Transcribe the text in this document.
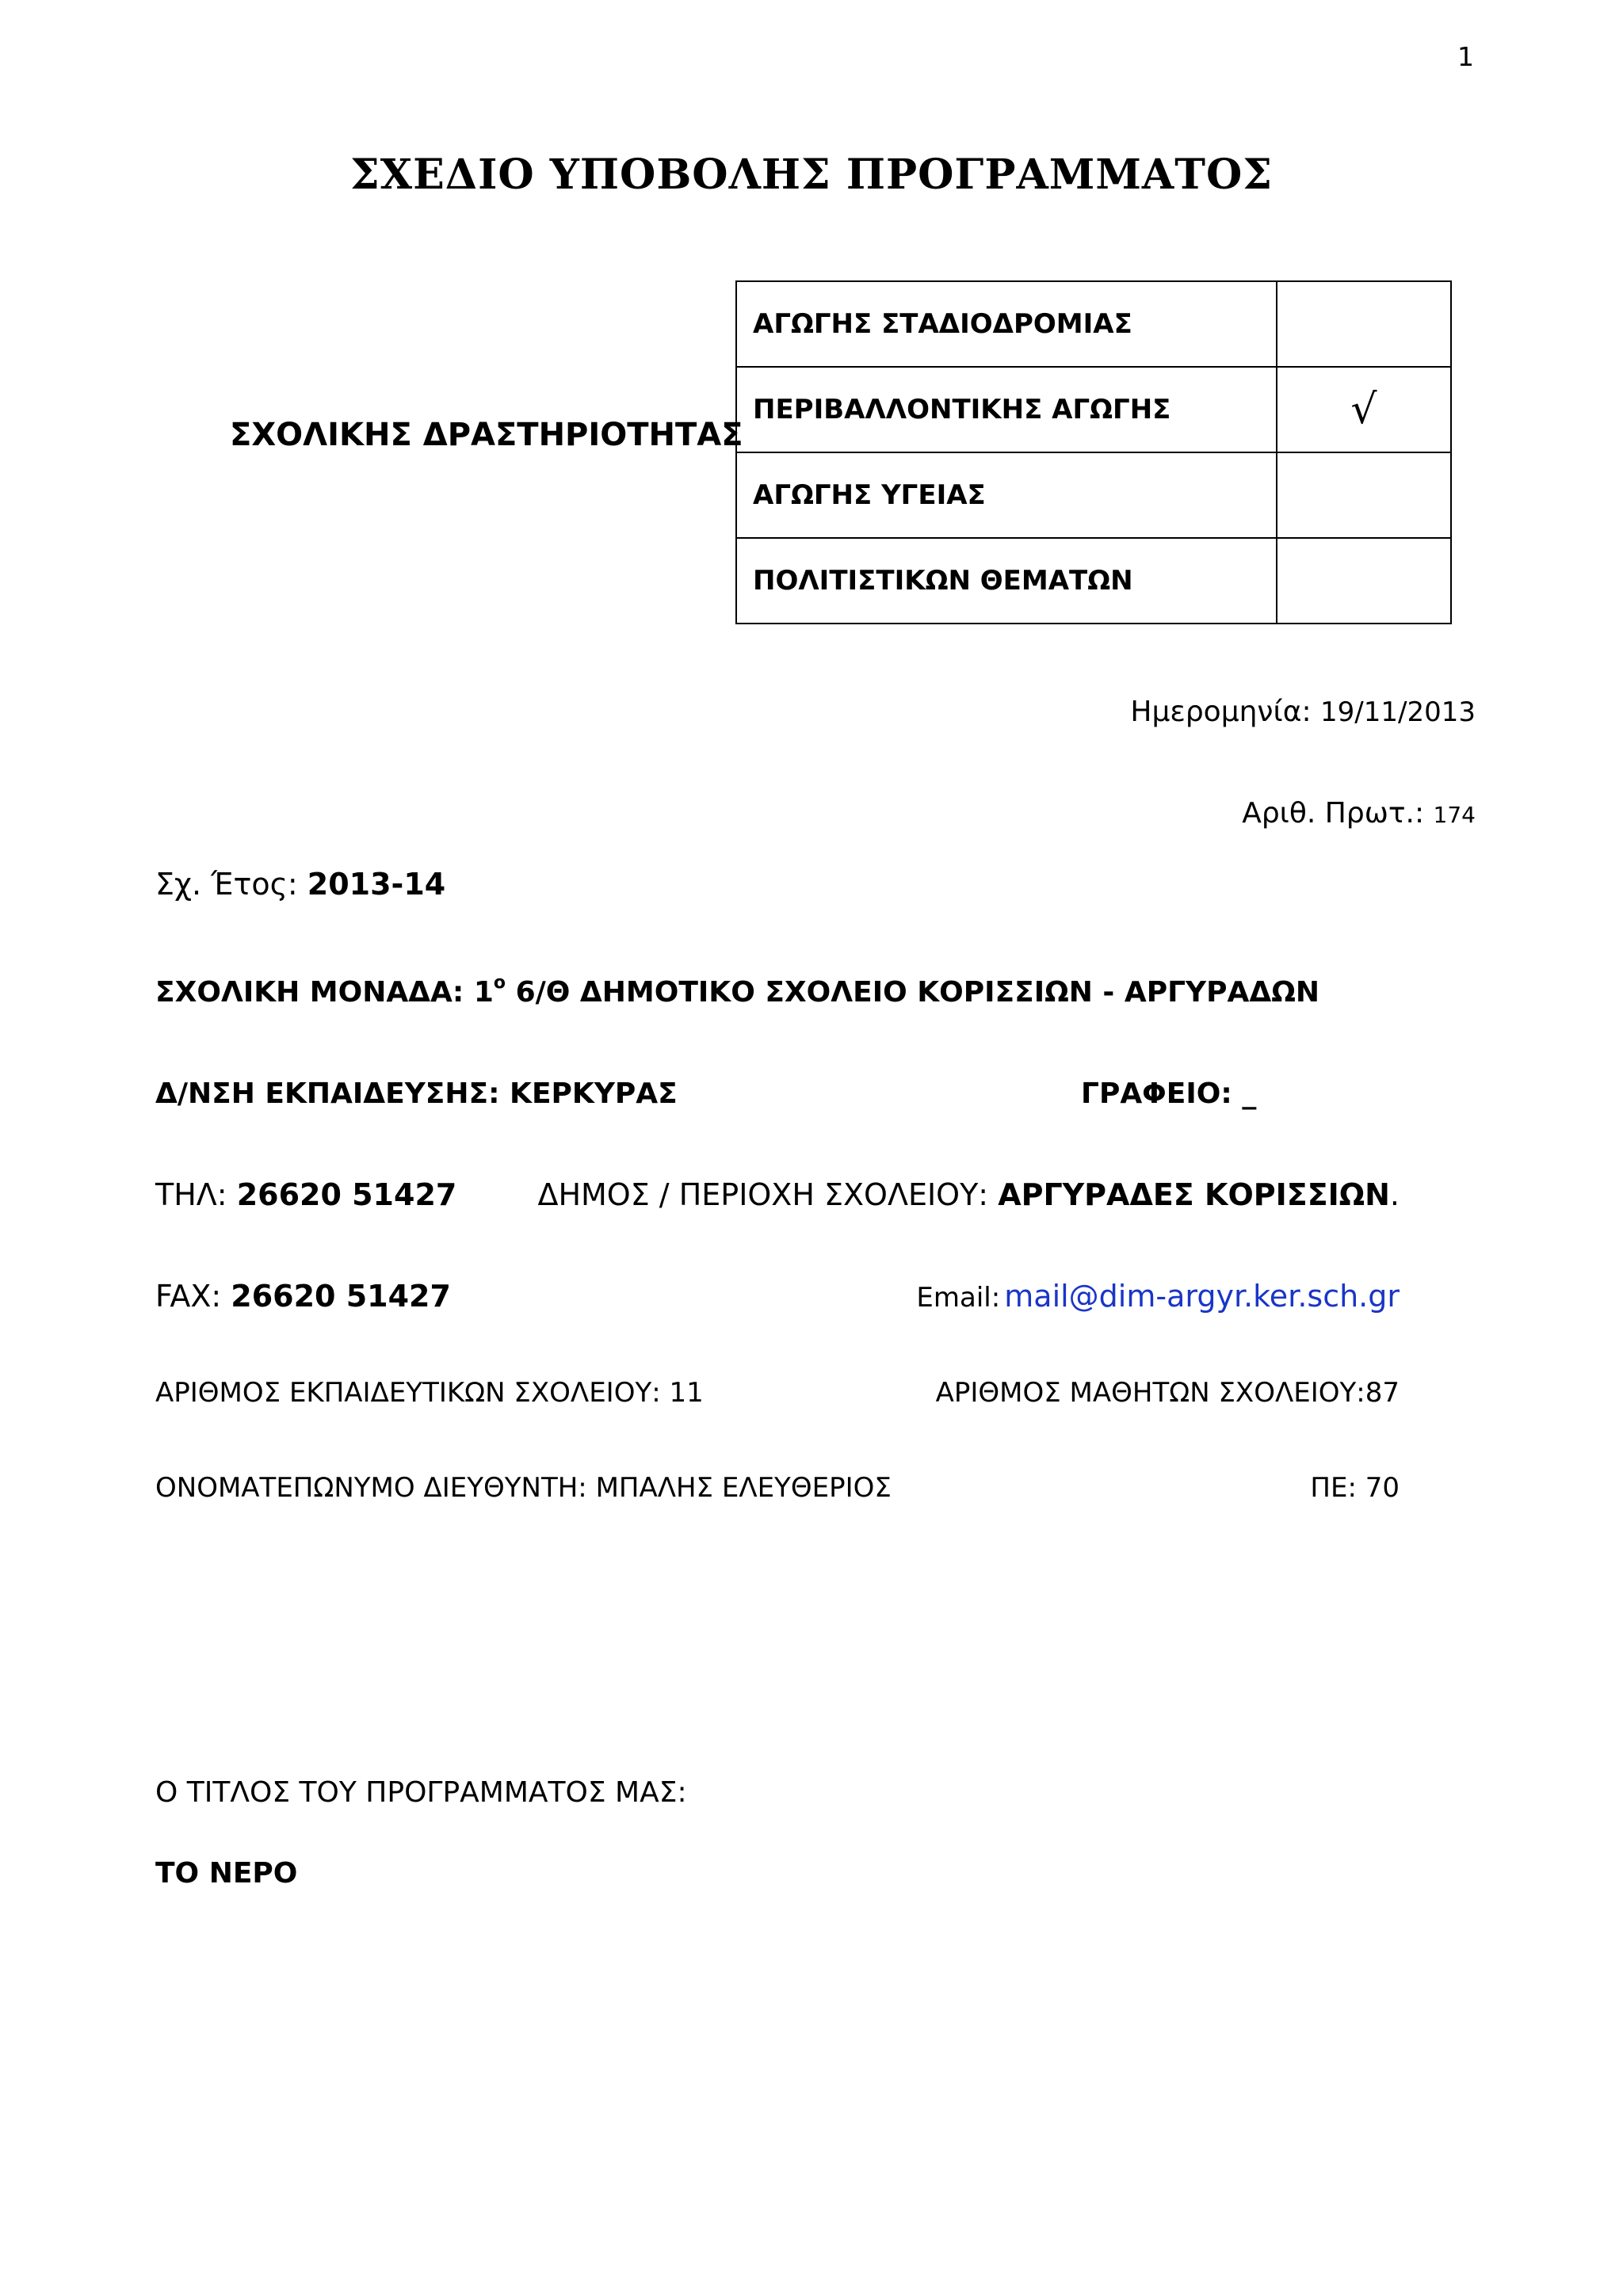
1
ΣΧΕΔΙΟ ΥΠΟΒΟΛΗΣ ΠΡΟΓΡΑΜΜΑΤΟΣ
ΣΧΟΛΙΚΗΣ ΔΡΑΣΤΗΡΙΟΤΗΤΑΣ
ΑΓΩΓΗΣ ΣΤΑΔΙΟΔΡΟΜΙΑΣ	
ΠΕΡΙΒΑΛΛΟΝΤΙΚΗΣ ΑΓΩΓΗΣ	√
ΑΓΩΓΗΣ ΥΓΕΙΑΣ	
ΠΟΛΙΤΙΣΤΙΚΩΝ ΘΕΜΑΤΩΝ	
Ημερομηνία: 19/11/2013
Αριθ. Πρωτ.: 174
Σχ. Έτος: 2013-14
ΣΧΟΛΙΚΗ ΜΟΝΑΔΑ: $1^o$ 6/Θ ΔΗΜΟΤΙΚΟ ΣΧΟΛΕΙΟ ΚΟΡΙΣΣΙΩΝ - ΑΡΓΥΡΑΔΩΝ
Δ/ΝΣΗ ΕΚΠΑΙΔΕΥΣΗΣ: ΚΕΡΚΥΡΑΣ	ΓΡΑΦΕΙΟ: _
ΤΗΛ: 26620 51427	ΔΗΜΟΣ / ΠΕΡΙΟΧΗ ΣΧΟΛΕΙΟΥ: ΑΡΓΥΡΑΔΕΣ ΚΟΡΙΣΣΙΩΝ.
FAX: 26620 51427	Email: mail@dim-argyr.ker.sch.gr
ΑΡΙΘΜΟΣ ΕΚΠΑΙΔΕΥΤΙΚΩΝ ΣΧΟΛΕΙΟΥ: 11	ΑΡΙΘΜΟΣ ΜΑΘΗΤΩΝ ΣΧΟΛΕΙΟΥ:87
ΟΝΟΜΑΤΕΠΩΝΥΜΟ ΔΙΕΥΘΥΝΤΗ: ΜΠΑΛΗΣ ΕΛΕΥΘΕΡΙΟΣ	ΠΕ: 70
Ο ΤΙΤΛΟΣ ΤΟΥ ΠΡΟΓΡΑΜΜΑΤΟΣ ΜΑΣ:
ΤΟ ΝΕΡΟ
